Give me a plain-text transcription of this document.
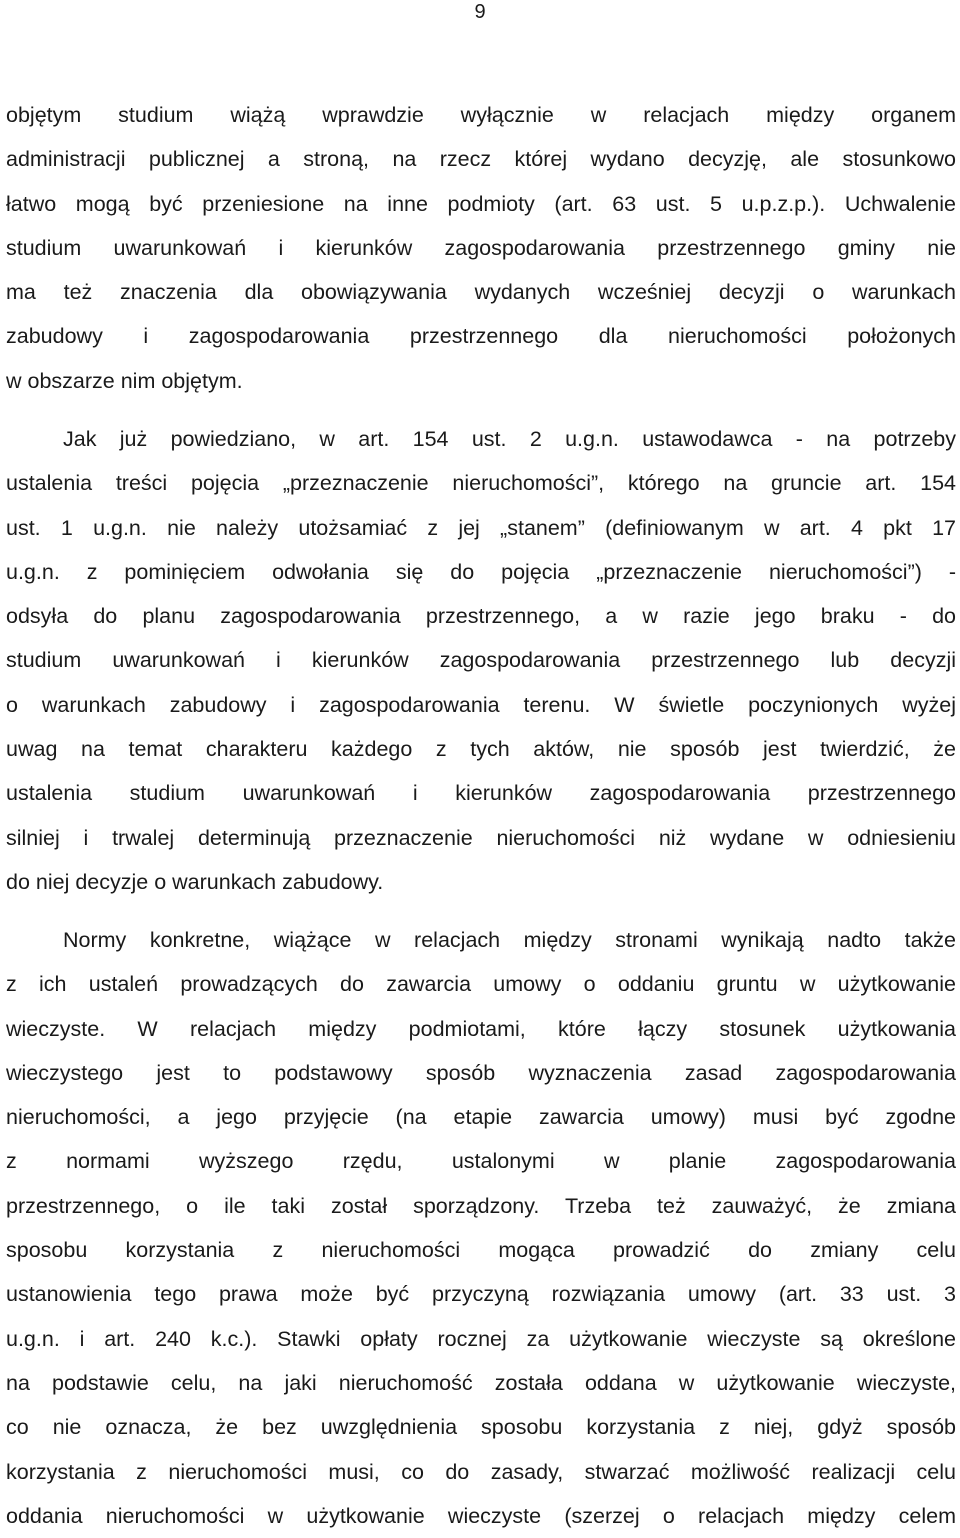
9
objętym studium wiążą wprawdzie wyłącznie w relacjach między organem
administracji publicznej a stroną, na rzecz której wydano decyzję, ale stosunkowo
łatwo mogą być przeniesione na inne podmioty (art. 63 ust. 5 u.p.z.p.). Uchwalenie
studium uwarunkowań i kierunków zagospodarowania przestrzennego gminy nie
ma też znaczenia dla obowiązywania wydanych wcześniej decyzji o warunkach
zabudowy i zagospodarowania przestrzennego dla nieruchomości położonych
w obszarze nim objętym.
Jak już powiedziano, w art. 154 ust. 2 u.g.n. ustawodawca - na potrzeby
ustalenia treści pojęcia „przeznaczenie nieruchomości”, którego na gruncie art. 154
ust. 1 u.g.n. nie należy utożsamiać z jej „stanem” (definiowanym w art. 4 pkt 17
u.g.n. z pominięciem odwołania się do pojęcia „przeznaczenie nieruchomości”) -
odsyła do planu zagospodarowania przestrzennego, a w razie jego braku - do
studium uwarunkowań i kierunków zagospodarowania przestrzennego lub decyzji
o warunkach zabudowy i zagospodarowania terenu. W świetle poczynionych wyżej
uwag na temat charakteru każdego z tych aktów, nie sposób jest twierdzić, że
ustalenia studium uwarunkowań i kierunków zagospodarowania przestrzennego
silniej i trwalej determinują przeznaczenie nieruchomości niż wydane w odniesieniu
do niej decyzje o warunkach zabudowy.
Normy konkretne, wiążące w relacjach między stronami wynikają nadto także
z ich ustaleń prowadzących do zawarcia umowy o oddaniu gruntu w użytkowanie
wieczyste. W relacjach między podmiotami, które łączy stosunek użytkowania
wieczystego jest to podstawowy sposób wyznaczenia zasad zagospodarowania
nieruchomości, a jego przyjęcie (na etapie zawarcia umowy) musi być zgodne
z normami wyższego rzędu, ustalonymi w planie zagospodarowania
przestrzennego, o ile taki został sporządzony. Trzeba też zauważyć, że zmiana
sposobu korzystania z nieruchomości mogąca prowadzić do zmiany celu
ustanowienia tego prawa może być przyczyną rozwiązania umowy (art. 33 ust. 3
u.g.n. i art. 240 k.c.). Stawki opłaty rocznej za użytkowanie wieczyste są określone
na podstawie celu, na jaki nieruchomość została oddana w użytkowanie wieczyste,
co nie oznacza, że bez uwzględnienia sposobu korzystania z niej, gdyż sposób
korzystania z nieruchomości musi, co do zasady, stwarzać możliwość realizacji celu
oddania nieruchomości w użytkowanie wieczyste (szerzej o relacjach między celem
